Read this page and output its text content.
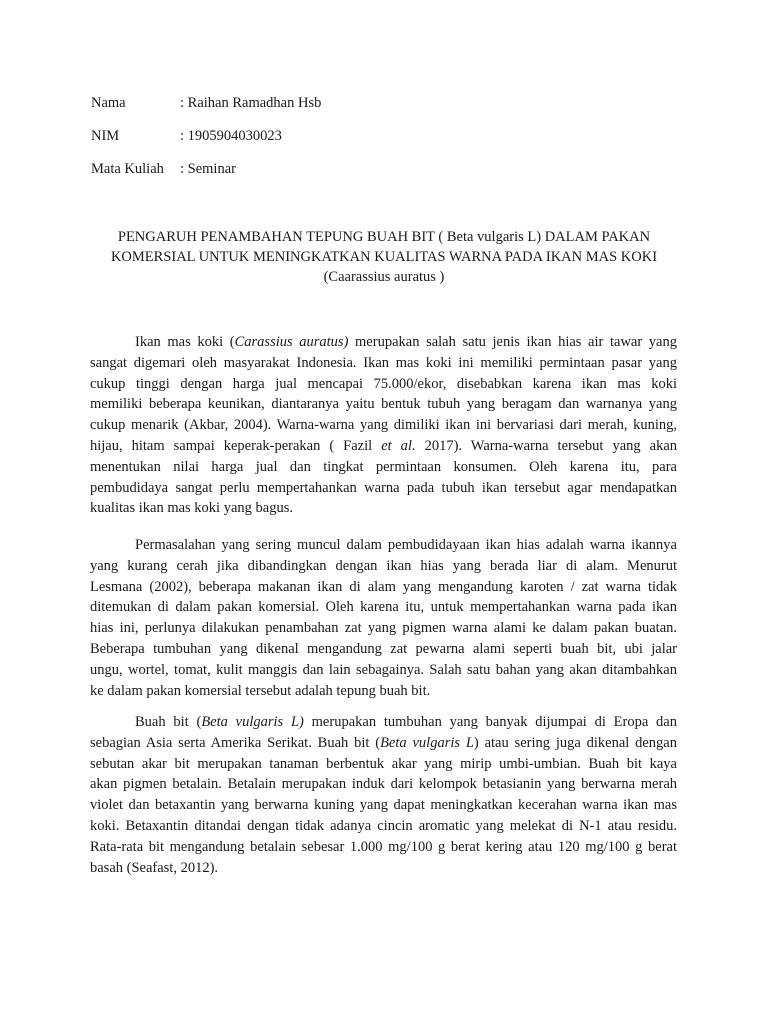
Nama	: Raihan Ramadhan Hsb
NIM	: 1905904030023
Mata Kuliah : Seminar
PENGARUH PENAMBAHAN TEPUNG BUAH BIT ( Beta vulgaris L) DALAM PAKAN
KOMERSIAL UNTUK MENINGKATKAN KUALITAS WARNA PADA IKAN MAS KOKI
(Caarassius auratus )
Ikan mas koki (Carassius auratus) merupakan salah satu jenis ikan hias air tawar yang
sangat digemari oleh masyarakat Indonesia. Ikan mas koki ini memiliki permintaan pasar yang
cukup tinggi dengan harga jual mencapai 75.000/ekor, disebabkan karena ikan mas koki
memiliki beberapa keunikan, diantaranya yaitu bentuk tubuh yang beragam dan warnanya yang
cukup menarik (Akbar, 2004). Warna-warna yang dimiliki ikan ini bervariasi dari merah, kuning,
hijau, hitam sampai keperak-perakan ( Fazil et al. 2017). Warna-warna tersebut yang akan
menentukan nilai harga jual dan tingkat permintaan konsumen. Oleh karena itu, para
pembudidaya sangat perlu mempertahankan warna pada tubuh ikan tersebut agar mendapatkan
kualitas ikan mas koki yang bagus.
Permasalahan yang sering muncul dalam pembudidayaan ikan hias adalah warna ikannya
yang kurang cerah jika dibandingkan dengan ikan hias yang berada liar di alam. Menurut
Lesmana (2002), beberapa makanan ikan di alam yang mengandung karoten / zat warna tidak
ditemukan di dalam pakan komersial. Oleh karena itu, untuk mempertahankan warna pada ikan
hias ini, perlunya dilakukan penambahan zat yang pigmen warna alami ke dalam pakan buatan.
Beberapa tumbuhan yang dikenal mengandung zat pewarna alami seperti buah bit, ubi jalar
ungu, wortel, tomat, kulit manggis dan lain sebagainya. Salah satu bahan yang akan ditambahkan
ke dalam pakan komersial tersebut adalah tepung buah bit.
Buah bit (Beta vulgaris L) merupakan tumbuhan yang banyak dijumpai di Eropa dan
sebagian Asia serta Amerika Serikat. Buah bit (Beta vulgaris L) atau sering juga dikenal dengan
sebutan akar bit merupakan tanaman berbentuk akar yang mirip umbi-umbian. Buah bit kaya
akan pigmen betalain. Betalain merupakan induk dari kelompok betasianin yang berwarna merah
violet dan betaxantin yang berwarna kuning yang dapat meningkatkan kecerahan warna ikan mas
koki. Betaxantin ditandai dengan tidak adanya cincin aromatic yang melekat di N-1 atau residu.
Rata-rata bit mengandung betalain sebesar 1.000 mg/100 g berat kering atau 120 mg/100 g berat
basah (Seafast, 2012).
